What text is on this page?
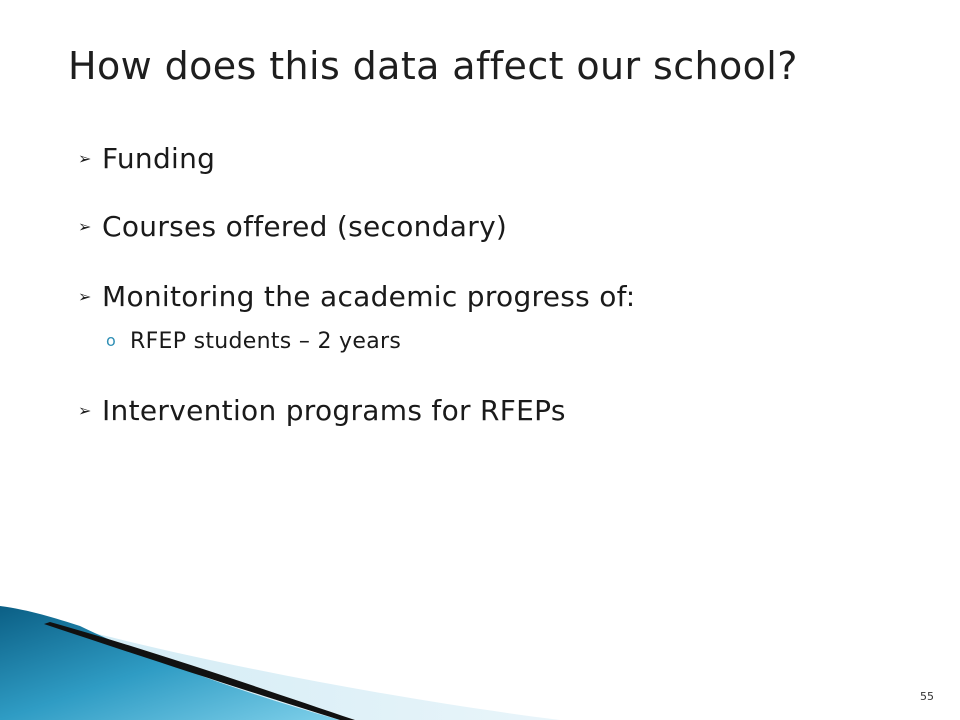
How does this data affect our school?
➢ Funding
➢ Courses offered (secondary)
➢ Monitoring the academic progress of:
o RFEP students – 2 years
➢ Intervention programs for RFEPs
55
